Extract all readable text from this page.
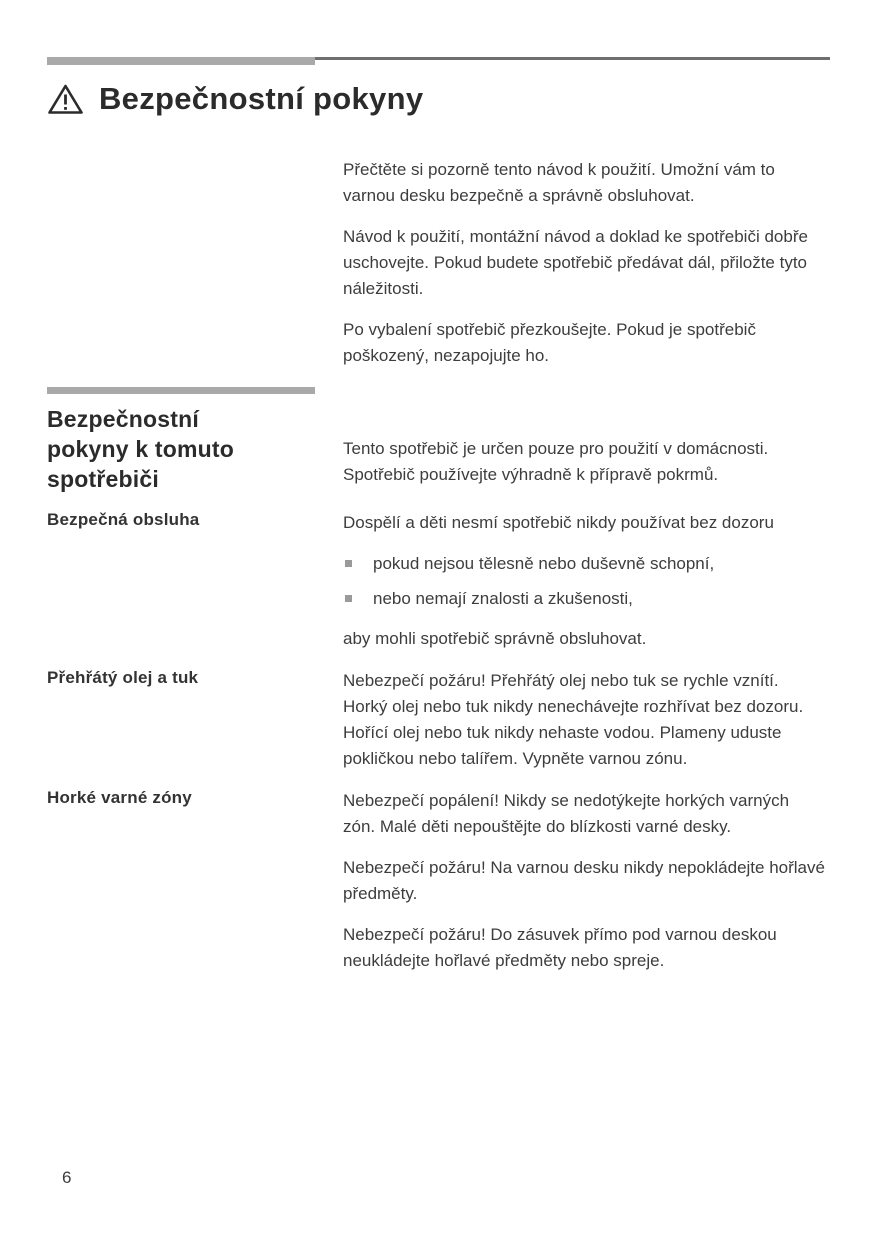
Bezpečnostní pokyny

Přečtěte si pozorně tento návod k použití. Umožní vám to varnou desku bezpečně a správně obsluhovat.

Návod k použití, montážní návod a doklad ke spotřebiči dobře uschovejte. Pokud budete spotřebič předávat dál, přiložte tyto náležitosti.

Po vybalení spotřebič přezkoušejte. Pokud je spotřebič poškozený, nezapojujte ho.

Bezpečnostní pokyny k tomuto spotřebiči

Tento spotřebič je určen pouze pro použití v domácnosti. Spotřebič používejte výhradně k přípravě pokrmů.

Bezpečná obsluha	Dospělí a děti nesmí spotřebič nikdy používat bez dozoru

pokud nejsou tělesně nebo duševně schopní,
nebo nemají znalosti a zkušenosti,

aby mohli spotřebič správně obsluhovat.

Přehřátý olej a tuk	Nebezpečí požáru! Přehřátý olej nebo tuk se rychle vznítí. Horký olej nebo tuk nikdy nenechávejte rozhřívat bez dozoru. Hořící olej nebo tuk nikdy nehaste vodou. Plameny uduste pokličkou nebo talířem. Vypněte varnou zónu.

Horké varné zóny	Nebezpečí popálení! Nikdy se nedotýkejte horkých varných zón. Malé děti nepouštějte do blízkosti varné desky.

Nebezpečí požáru! Na varnou desku nikdy nepokládejte hořlavé předměty.

Nebezpečí požáru! Do zásuvek přímo pod varnou deskou neukládejte hořlavé předměty nebo spreje.

6
